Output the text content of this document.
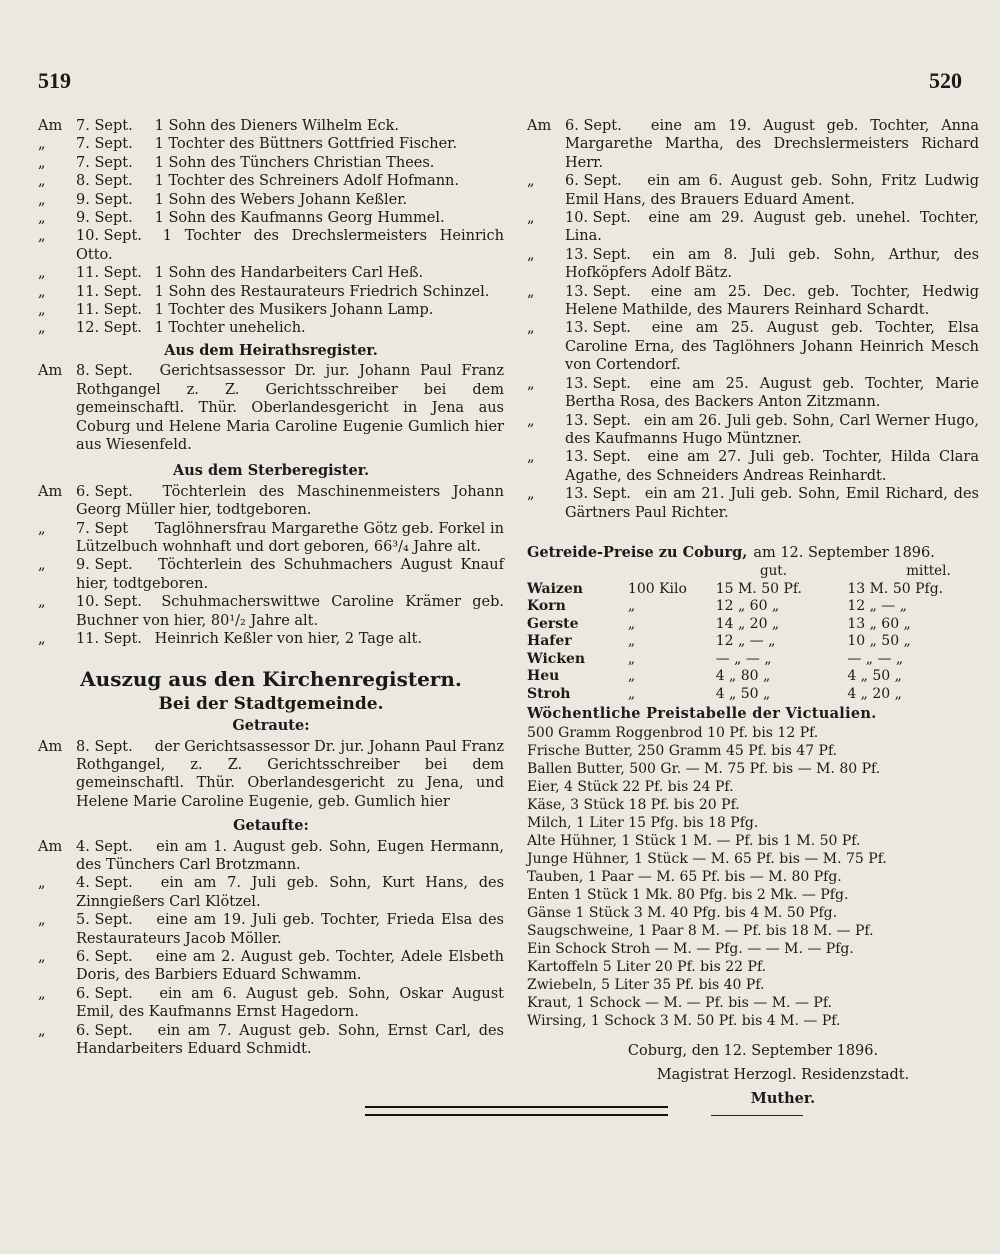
519	520
Am 7. Sept. 1 Sohn des Dieners Wilhelm Eck.
„	7. Sept. 1 Tochter des Büttners Gottfried Fischer.
„	7. Sept. 1 Sohn des Tünchers Christian Thees.
„	8. Sept. 1 Tochter des Schreiners Adolf Hofmann.
„	9. Sept. 1 Sohn des Webers Johann Keßler.
„	9. Sept. 1 Sohn des Kaufmanns Georg Hummel.
„	10. Sept. 1 Tochter des Drechslermeisters Heinrich Otto.
„	11. Sept. 1 Sohn des Handarbeiters Carl Heß.
„	11. Sept. 1 Sohn des Restaurateurs Friedrich Schinzel.
„	11. Sept. 1 Tochter des Musikers Johann Lamp.
„	12. Sept. 1 Tochter unehelich.
Aus dem Heirathsregister.
Am 8. Sept. Gerichtsassessor Dr. jur. Johann Paul Franz Rothgangel z. Z. Gerichtsschreiber bei dem gemeinschaftl. Thür. Oberlandesgericht in Jena aus Coburg und Helene Maria Caroline Eugenie Gumlich hier aus Wiesenfeld.
Aus dem Sterberegister.
Am 6. Sept. Töchterlein des Maschinenmeisters Johann Georg Müller hier, todtgeboren.
„	7. Sept Taglöhnersfrau Margarethe Götz geb. Forkel in Lützelbuch wohnhaft und dort geboren, 66³/₄ Jahre alt.
„	9. Sept. Töchterlein des Schuhmachers August Knauf hier, todtgeboren.
„	10. Sept. Schuhmacherswittwe Caroline Krämer geb. Buchner von hier, 80¹/₂ Jahre alt.
„	11. Sept. Heinrich Keßler von hier, 2 Tage alt.
Auszug aus den Kirchenregistern.
Bei der Stadtgemeinde.
Getraute:
Am 8. Sept. der Gerichtsassessor Dr. jur. Johann Paul Franz Rothgangel, z. Z. Gerichtsschreiber bei dem gemeinschaftl. Thür. Oberlandesgericht zu Jena, und Helene Marie Caroline Eugenie, geb. Gumlich hier
Getaufte:
Am 4. Sept. ein am 1. August geb. Sohn, Eugen Hermann, des Tünchers Carl Brotzmann.
„	4. Sept. ein am 7. Juli geb. Sohn, Kurt Hans, des Zinngießers Carl Klötzel.
„	5. Sept. eine am 19. Juli geb. Tochter, Frieda Elsa des Restaurateurs Jacob Möller.
„	6. Sept. eine am 2. August geb. Tochter, Adele Elsbeth Doris, des Barbiers Eduard Schwamm.
„	6. Sept. ein am 6. August geb. Sohn, Oskar August Emil, des Kaufmanns Ernst Hagedorn.
„	6. Sept. ein am 7. August geb. Sohn, Ernst Carl, des Handarbeiters Eduard Schmidt.
Am 6. Sept. eine am 19. August geb. Tochter, Anna Margarethe Martha, des Drechslermeisters Richard Herr.
„	6. Sept. ein am 6. August geb. Sohn, Fritz Ludwig Emil Hans, des Brauers Eduard Ament.
„	10. Sept. eine am 29. August geb. unehel. Tochter, Lina.
„	13. Sept. ein am 8. Juli geb. Sohn, Arthur, des Hofköpfers Adolf Bätz.
„	13. Sept. eine am 25. Dec. geb. Tochter, Hedwig Helene Mathilde, des Maurers Reinhard Schardt.
„	13. Sept. eine am 25. August geb. Tochter, Elsa Caroline Erna, des Taglöhners Johann Heinrich Mesch von Cortendorf.
„	13. Sept. eine am 25. August geb. Tochter, Marie Bertha Rosa, des Backers Anton Zitzmann.
„	13. Sept. ein am 26. Juli geb. Sohn, Carl Werner Hugo, des Kaufmanns Hugo Müntzner.
„	13. Sept. eine am 27. Juli geb. Tochter, Hilda Clara Agathe, des Schneiders Andreas Reinhardt.
„	13. Sept. ein am 21. Juli geb. Sohn, Emil Richard, des Gärtners Paul Richter.
Getreide-Preise zu Coburg, am 12. September 1896.
gut.	mittel.
Waizen	100 Kilo	15 M. 50 Pf.	13 M. 50 Pfg.
Korn	„	12 „ 60 „	12 „ — „
Gerste	„	14 „ 20 „	13 „ 60 „
Hafer	„	12 „ — „	10 „ 50 „
Wicken	„	— „ — „	— „ — „
Heu	„	4 „ 80 „	4 „ 50 „
Stroh	„	4 „ 50 „	4 „ 20 „
Wöchentliche Preistabelle der Victualien.
500 Gramm Roggenbrod 10 Pf. bis 12 Pf.
Frische Butter, 250 Gramm 45 Pf. bis 47 Pf.
Ballen Butter, 500 Gr. — M. 75 Pf. bis — M. 80 Pf.
Eier, 4 Stück 22 Pf. bis 24 Pf.
Käse, 3 Stück 18 Pf. bis 20 Pf.
Milch, 1 Liter 15 Pfg. bis 18 Pfg.
Alte Hühner, 1 Stück 1 M. — Pf. bis 1 M. 50 Pf.
Junge Hühner, 1 Stück — M. 65 Pf. bis — M. 75 Pf.
Tauben, 1 Paar — M. 65 Pf. bis — M. 80 Pfg.
Enten 1 Stück 1 Mk. 80 Pfg. bis 2 Mk. — Pfg.
Gänse 1 Stück 3 M. 40 Pfg. bis 4 M. 50 Pfg.
Saugschweine, 1 Paar 8 M. — Pf. bis 18 M. — Pf.
Ein Schock Stroh — M. — Pfg. — — M. — Pfg.
Kartoffeln 5 Liter 20 Pf. bis 22 Pf.
Zwiebeln, 5 Liter 35 Pf. bis 40 Pf.
Kraut, 1 Schock — M. — Pf. bis — M. — Pf.
Wirsing, 1 Schock 3 M. 50 Pf. bis 4 M. — Pf.
Coburg, den 12. September 1896.
Magistrat Herzogl. Residenzstadt.
Muther.
